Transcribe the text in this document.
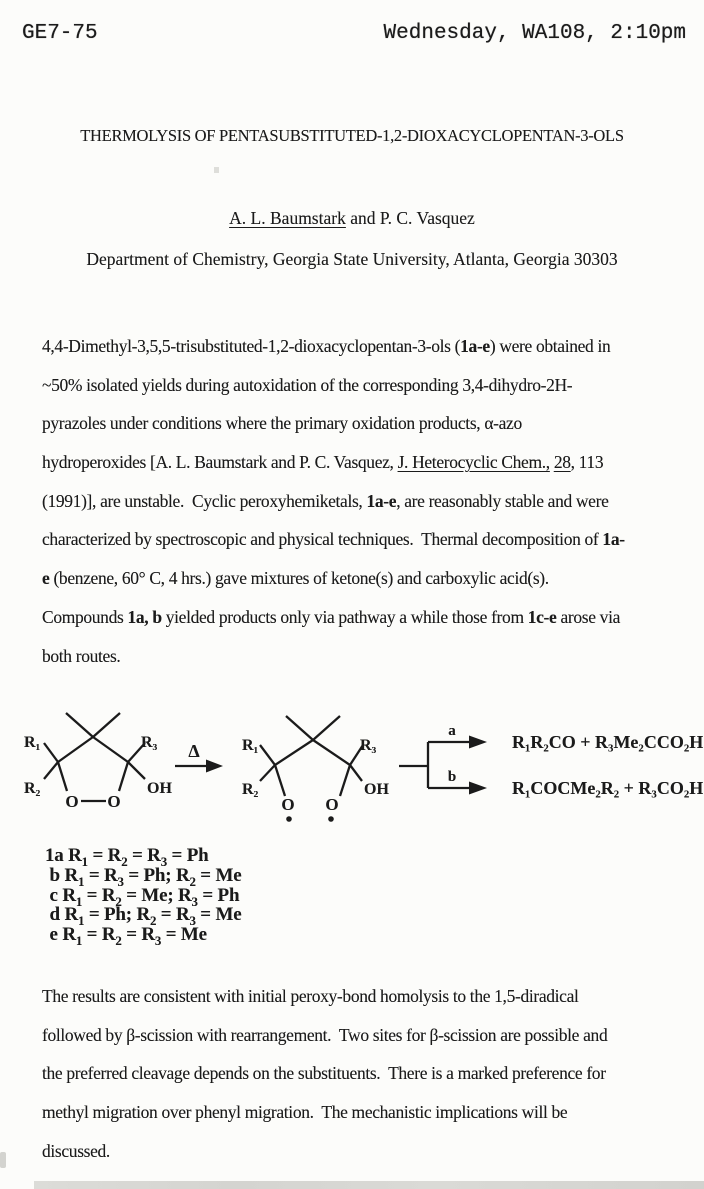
GE7-75	Wednesday, WA108, 2:10pm
THERMOLYSIS OF PENTASUBSTITUTED-1,2-DIOXACYCLOPENTAN-3-OLS
A. L. Baumstark and P. C. Vasquez
Department of Chemistry, Georgia State University, Atlanta, Georgia 30303
4,4-Dimethyl-3,5,5-trisubstituted-1,2-dioxacyclopentan-3-ols (1a-e) were obtained in
~50% isolated yields during autoxidation of the corresponding 3,4-dihydro-2H-
pyrazoles under conditions where the primary oxidation products, α-azo
hydroperoxides [A. L. Baumstark and P. C. Vasquez, J. Heterocyclic Chem., 28, 113
(1991)], are unstable.  Cyclic peroxyhemiketals, 1a-e, are reasonably stable and were
characterized by spectroscopic and physical techniques.  Thermal decomposition of 1a-
e (benzene, 60° C, 4 hrs.) gave mixtures of ketone(s) and carboxylic acid(s).
Compounds 1a, b yielded products only via pathway a while those from 1c-e arose via
both routes.
R₁
R₂
R₃
OH
O O
Δ	R₁
R₂
R₃
OH
O O
a
b
R₁R₂CO + R₃Me₂CCO₂H
R₁COCMe₂R₂ + R₃CO₂H
1a $R_1 = R_2 = R_3 = Ph$
b $R_1 = R_3 = Ph$; $R_2 = Me$
c $R_1 = R_2 = Me$; $R_3 = Ph$
d $R_1 = Ph$; $R_2 = R_3 = Me$
e $R_1 = R_2 = R_3 = Me$
The results are consistent with initial peroxy-bond homolysis to the 1,5-diradical
followed by β-scission with rearrangement.  Two sites for β-scission are possible and
the preferred cleavage depends on the substituents.  There is a marked preference for
methyl migration over phenyl migration.  The mechanistic implications will be
discussed.
